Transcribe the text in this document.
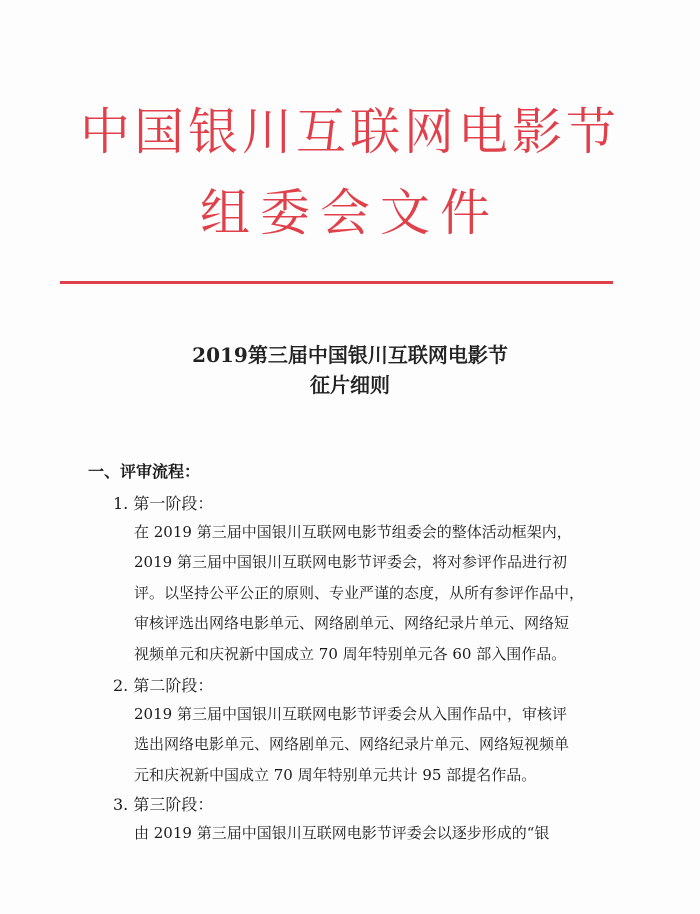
中国银川互联网电影节
组委会文件
2019第三届中国银川互联网电影节
征片细则

一、评审流程：

1. 第一阶段：

在 2019 第三届中国银川互联网电影节组委会的整体活动框架内，
2019 第三届中国银川互联网电影节评委会，将对参评作品进行初
评。以坚持公平公正的原则、专业严谨的态度，从所有参评作品中，
审核评选出网络电影单元、网络剧单元、网络纪录片单元、网络短
视频单元和庆祝新中国成立 70 周年特别单元各 60 部入围作品。

2. 第二阶段：

2019 第三届中国银川互联网电影节评委会从入围作品中，审核评
选出网络电影单元、网络剧单元、网络纪录片单元、网络短视频单
元和庆祝新中国成立 70 周年特别单元共计 95 部提名作品。

3. 第三阶段：

由 2019 第三届中国银川互联网电影节评委会以逐步形成的“银
